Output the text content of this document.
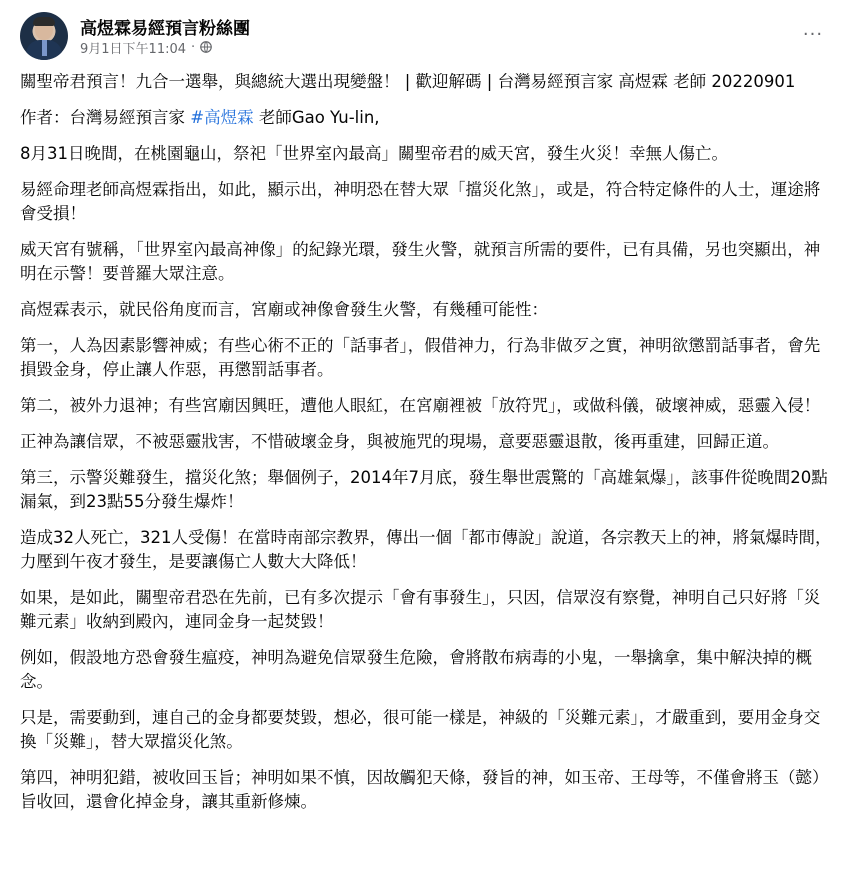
高煜霖易經預言粉絲團
9月1日下午11:04 ·
···

關聖帝君預言！九合一選舉，與總統大選出現變盤！ | 歡迎解碼 | 台灣易經預言家 高煜霖 老師 20220901

作者：台灣易經預言家 #高煜霖 老師Gao Yu-lin,

8月31日晚間，在桃園龜山，祭祀「世界室內最高」關聖帝君的威天宮，發生火災！幸無人傷亡。

易經命理老師高煜霖指出，如此，顯示出，神明恐在替大眾「擋災化煞」，或是，符合特定條件的人士，運途將會受損！

威天宮有號稱，「世界室內最高神像」的紀錄光環，發生火警，就預言所需的要件，已有具備，另也突顯出，神明在示警！要普羅大眾注意。

高煜霖表示，就民俗角度而言，宮廟或神像會發生火警，有幾種可能性：

第一，人為因素影響神威；有些心術不正的「話事者」，假借神力，行為非做歹之實，神明欲懲罰話事者，會先損毀金身，停止讓人作惡，再懲罰話事者。

第二，被外力退神；有些宮廟因興旺，遭他人眼紅，在宮廟裡被「放符咒」，或做科儀，破壞神威，惡靈入侵！

正神為讓信眾，不被惡靈戕害，不惜破壞金身，與被施咒的現場，意要惡靈退散，後再重建，回歸正道。

第三，示警災難發生，擋災化煞；舉個例子，2014年7月底，發生舉世震驚的「高雄氣爆」，該事件從晚間20點漏氣，到23點55分發生爆炸！

造成32人死亡，321人受傷！在當時南部宗教界，傳出一個「都市傳說」說道，各宗教天上的神，將氣爆時間，力壓到午夜才發生，是要讓傷亡人數大大降低！

如果，是如此，關聖帝君恐在先前，已有多次提示「會有事發生」，只因，信眾沒有察覺，神明自己只好將「災難元素」收納到殿內，連同金身一起焚毀！

例如，假設地方恐會發生瘟疫，神明為避免信眾發生危險，會將散布病毒的小鬼，一舉擒拿，集中解決掉的概念。

只是，需要動到，連自己的金身都要焚毀，想必，很可能一樣是，神級的「災難元素」，才嚴重到，要用金身交換「災難」，替大眾擋災化煞。

第四，神明犯錯，被收回玉旨；神明如果不慎，因故觸犯天條，發旨的神，如玉帝、王母等，不僅會將玉（懿）旨收回，還會化掉金身，讓其重新修煉。
